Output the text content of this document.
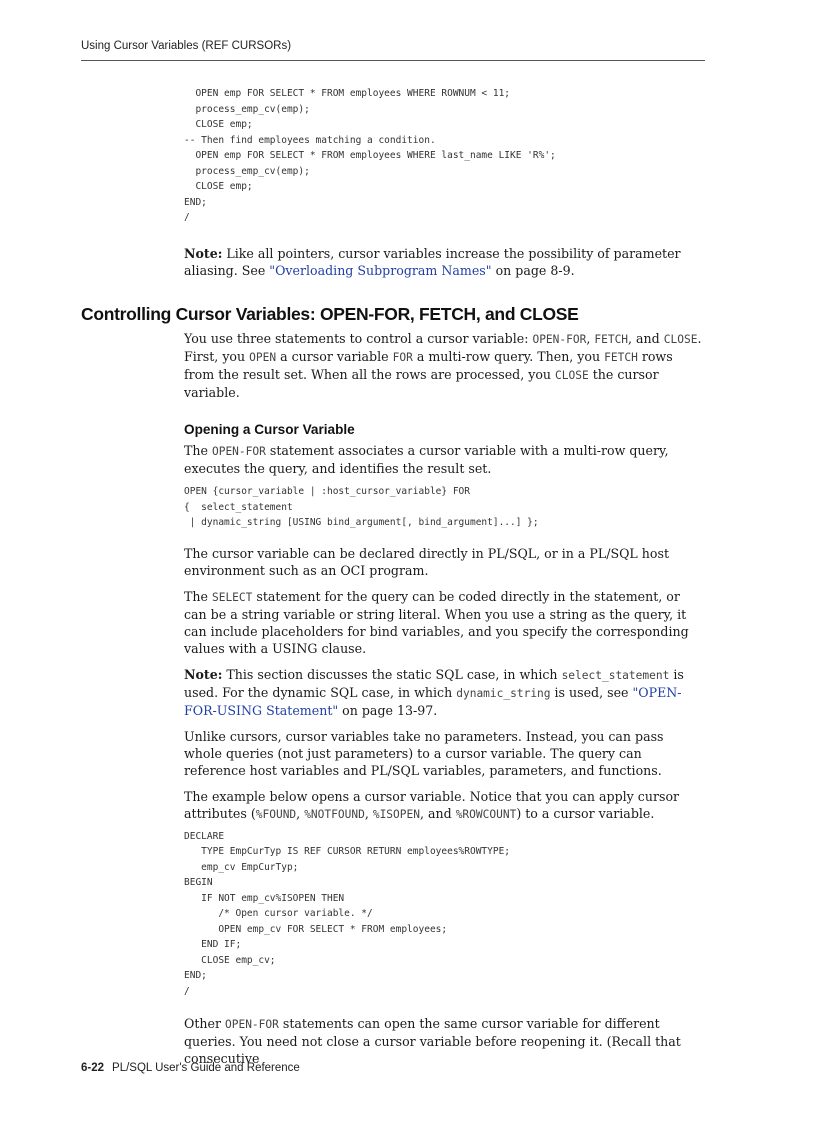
Using Cursor Variables (REF CURSORs)
OPEN emp FOR SELECT * FROM employees WHERE ROWNUM < 11;
process_emp_cv(emp);
CLOSE emp;
-- Then find employees matching a condition.
OPEN emp FOR SELECT * FROM employees WHERE last_name LIKE 'R%';
process_emp_cv(emp);
CLOSE emp;
END;
/

Note: Like all pointers, cursor variables increase the possibility of parameter aliasing. See "Overloading Subprogram Names" on page 8-9.

Controlling Cursor Variables: OPEN-FOR, FETCH, and CLOSE

You use three statements to control a cursor variable: OPEN-FOR, FETCH, and CLOSE. First, you OPEN a cursor variable FOR a multi-row query. Then, you FETCH rows from the result set. When all the rows are processed, you CLOSE the cursor variable.

Opening a Cursor Variable

The OPEN-FOR statement associates a cursor variable with a multi-row query, executes the query, and identifies the result set.

OPEN {cursor_variable | :host_cursor_variable} FOR
{  select_statement
| dynamic_string [USING bind_argument[, bind_argument]...] };

The cursor variable can be declared directly in PL/SQL, or in a PL/SQL host environment such as an OCI program.

The SELECT statement for the query can be coded directly in the statement, or can be a string variable or string literal. When you use a string as the query, it can include placeholders for bind variables, and you specify the corresponding values with a USING clause.

Note: This section discusses the static SQL case, in which select_statement is used. For the dynamic SQL case, in which dynamic_string is used, see "OPEN-FOR-USING Statement" on page 13-97.

Unlike cursors, cursor variables take no parameters. Instead, you can pass whole queries (not just parameters) to a cursor variable. The query can reference host variables and PL/SQL variables, parameters, and functions.

The example below opens a cursor variable. Notice that you can apply cursor attributes (%FOUND, %NOTFOUND, %ISOPEN, and %ROWCOUNT) to a cursor variable.

DECLARE
TYPE EmpCurTyp IS REF CURSOR RETURN employees%ROWTYPE;
emp_cv EmpCurTyp;
BEGIN
IF NOT emp_cv%ISOPEN THEN
/* Open cursor variable. */
OPEN emp_cv FOR SELECT * FROM employees;
END IF;
CLOSE emp_cv;
END;
/

Other OPEN-FOR statements can open the same cursor variable for different queries. You need not close a cursor variable before reopening it. (Recall that consecutive

6-22 PL/SQL User's Guide and Reference
